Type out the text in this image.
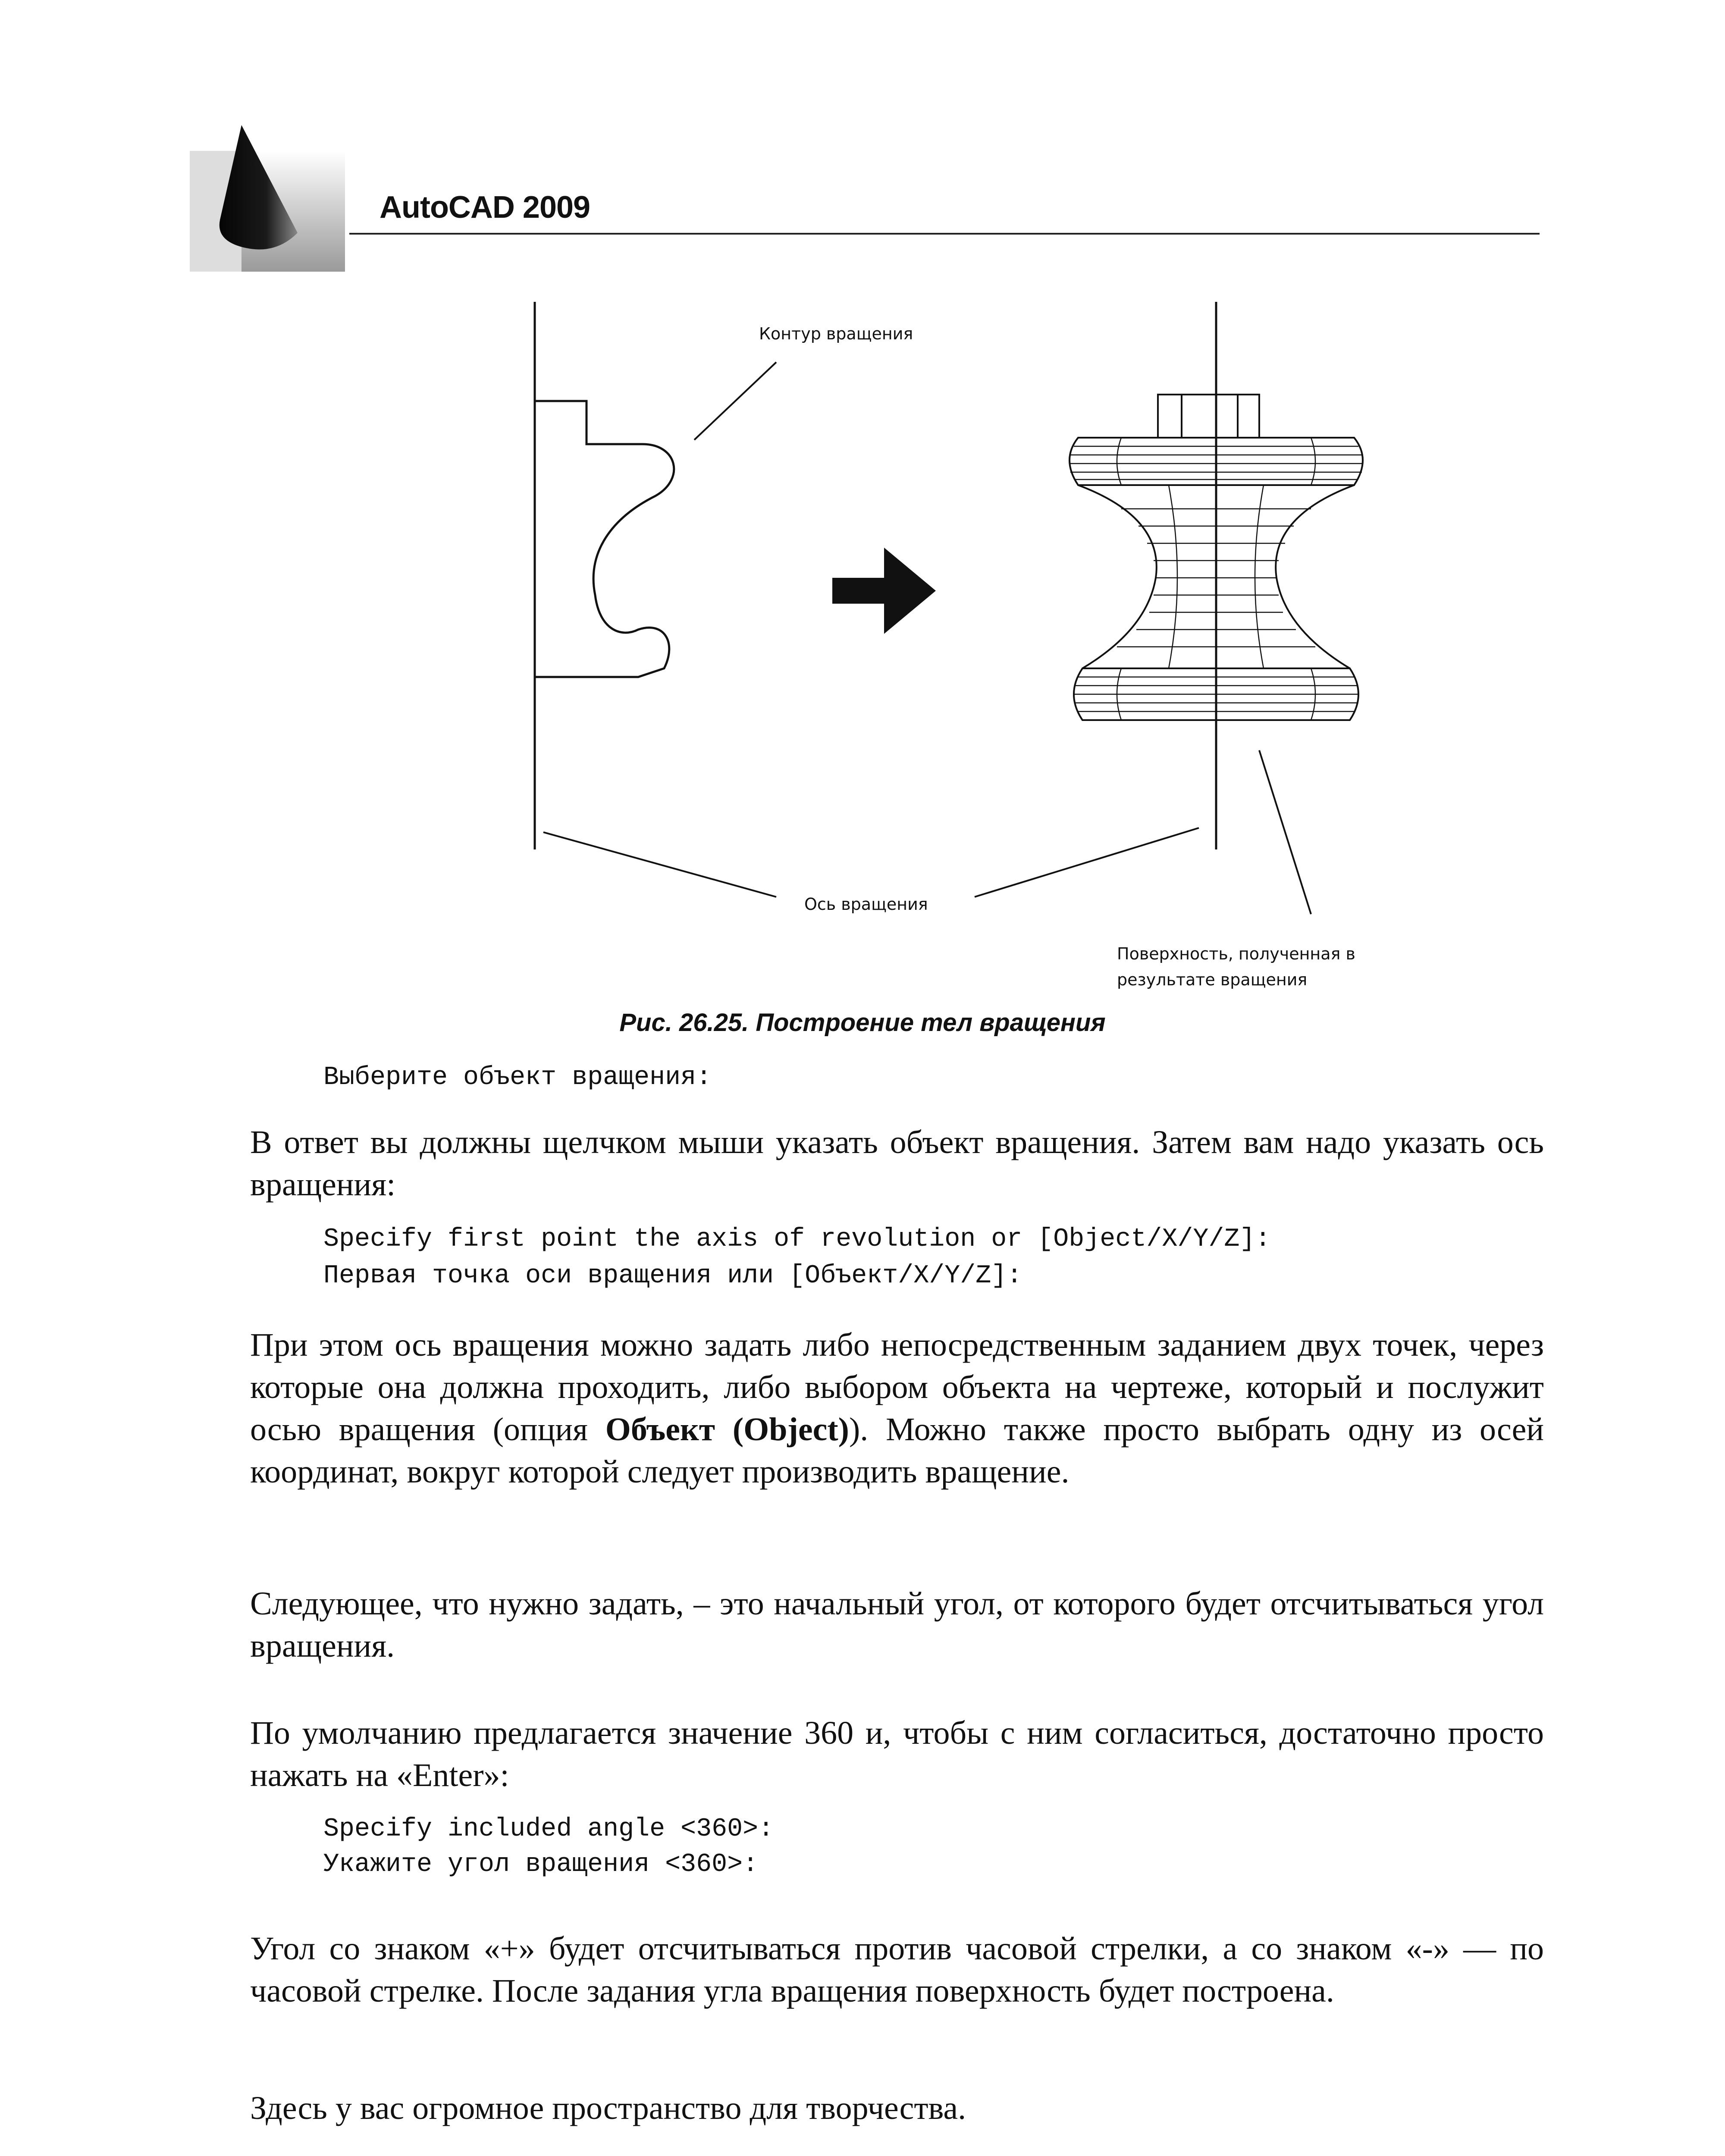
AutoCAD 2009
Контур вращения
Ось вращения
Поверхность, полученная в
результате вращения
Рис. 26.25. Построение тел вращения
Выберите объект вращения:
В ответ вы должны щелчком мыши указать объект вращения. Затем вам надо указать ось вращения:
Specify first point the axis of revolution or [Object/X/Y/Z]:
Первая точка оси вращения или [Объект/X/Y/Z]:
При этом ось вращения можно задать либо непосредственным заданием двух точек, через которые она должна проходить, либо выбором объекта на чертеже, который и послужит осью вращения (опция Объект (Object)). Можно также просто выбрать одну из осей координат, вокруг которой следует производить вращение.
Следующее, что нужно задать, – это начальный угол, от которого будет отсчитываться угол вращения.
По умолчанию предлагается значение 360 и, чтобы с ним согласиться, достаточно просто нажать на «Enter»:
Specify included angle <360>:
Укажите угол вращения <360>:
Угол со знаком «+» будет отсчитываться против часовой стрелки, а со знаком «-» — по часовой стрелке. После задания угла вращения поверхность будет построена.
Здесь у вас огромное пространство для творчества.
